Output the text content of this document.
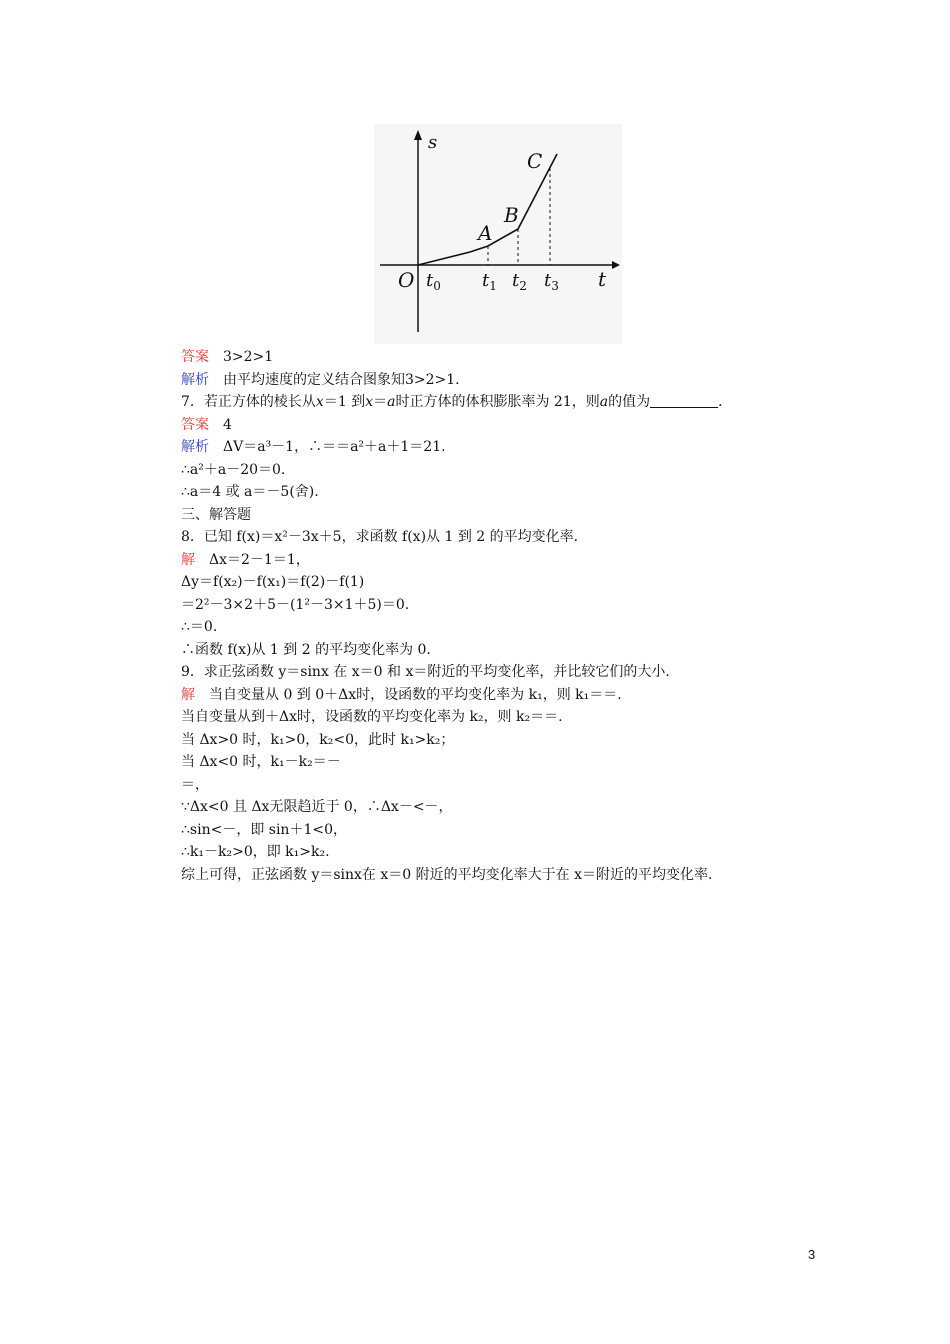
s
t
O
A
B
C
$t_0$ $t_1$ $t_2$ $t_3$
答案 3>2>1
解析 由平均速度的定义结合图象知3>2>1.
7．若正方体的棱长从x＝1 到x＝a时正方体的体积膨胀率为 21，则a的值为	．
答案 4
解析 ΔV＝a³－1，∴＝＝a²＋a＋1＝21.
∴a²＋a－20＝0.
∴a＝4 或 a＝－5(舍).
三、解答题
8．已知 f(x)＝x²－3x＋5，求函数 f(x)从 1 到 2 的平均变化率．
解 Δx＝2－1＝1，
Δy＝f(x₂)－f(x₁)＝f(2)－f(1)
＝2²－3×2＋5－(1²－3×1＋5)＝0.
∴＝0.
∴函数 f(x)从 1 到 2 的平均变化率为 0.
9．求正弦函数 y＝sinx 在 x＝0 和 x＝附近的平均变化率，并比较它们的大小．
解 当自变量从 0 到 0＋Δx时，设函数的平均变化率为 k₁，则 k₁＝＝.
当自变量从到＋Δx时，设函数的平均变化率为 k₂，则 k₂＝＝.
当 Δx>0 时，k₁>0，k₂<0，此时 k₁>k₂；
当 Δx<0 时，k₁－k₂＝－
＝，
∵Δx<0 且 Δx无限趋近于 0，∴Δx－<－，
∴sin<－，即 sin＋1<0，
∴k₁－k₂>0，即 k₁>k₂.
综上可得，正弦函数 y＝sinx在 x＝0 附近的平均变化率大于在 x＝附近的平均变化率.
3
